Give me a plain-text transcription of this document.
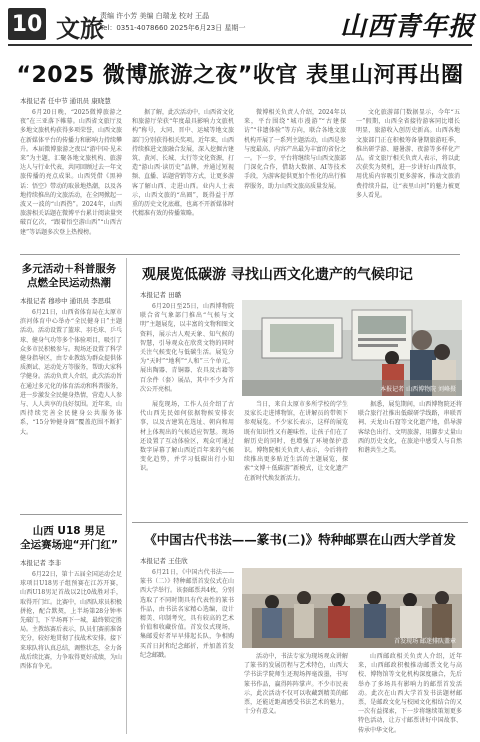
10 文旅
责编 许小芳 美编 白瑞龙 校对 王晶
Tel：0351-4078660 2025年6月23日 星期一	山西青年报
“2025 微博旅游之夜”收官 表里山河再出圈
本报记者 任中节 通讯员 康晓慧

6月20日晚，“2025微博旅游之夜”在三亚落下帷幕。山西省文旅厅及多地文旅机构获得多项荣誉，山西文旅在新媒体平台的传播力和影响力持续攀升。本届微博旅游之夜以“游中国·见未来”为主题，汇聚各地文旅机构、旅游达人与行业代表，共同回顾过去一年文旅传播的亮点成果。山西凭借《黑神话：悟空》带动的取景地热潮，以及各地持续推出的文旅活动，在全网掀起一波又一波的“山西热”。2024年，山西旅游相关话题在微博平台累计阅读量突破百亿次，“跟着悟空游山西”“山西古建”等话题多次登上热搜榜。

据了解，此次活动中，山西省文化和旅游厅荣获“年度最具影响力文旅机构”称号，大同、晋中、运城等地文旅部门分别获得相关奖项。近年来，山西持续推进文旅融合发展，深入挖掘古建筑、黄河、长城、太行等文化资源，打造“游山西·读历史”品牌，并通过短视频、直播、话题营销等方式，让更多游客了解山西、走进山西。业内人士表示，山西文旅的“出圈”，既得益于厚重的历史文化底蕴，也离不开新媒体时代精准有效的传播策略。

微博相关负责人介绍，2024年以来，平台围绕“城市漫游”“古建探访”“非遗体验”等方向，联合各地文旅机构开展了一系列主题活动，山西是参与度最高、内容产出最为丰富的省份之一。下一步，平台将继续与山西文旅部门深化合作，借助大数据、AI等技术手段，为游客提供更加个性化的出行推荐服务，助力山西文旅高质量发展。

文化旅游部门数据显示，今年“五一”假期，山西全省接待游客同比增长明显，旅游收入创历史新高。山西各地文旅部门正在积极筹备暑期旅游旺季，推出研学游、避暑游、夜游等多样化产品。省文旅厅相关负责人表示，将以此次获奖为契机，进一步讲好山西故事，用优质内容吸引更多游客，推动文旅消费持续升温，让“表里山河”的魅力被更多人看见。

多元活动＋科普服务
点燃全民运动热潮
本报记者 穆珍中 通讯员 李思琪

6月21日，山西省体育局在太原市滨河体育中心举办“全民健身日”主题活动。活动设置了篮球、羽毛球、乒乓球、健身气功等多个体验项目，吸引了众多市民积极参与。现场还设置了科学健身指导区，由专业教练为群众提供体质测试、运动处方等服务，帮助大家科学健身。活动负责人介绍，此次活动旨在通过多元化的体育活动和科普服务，进一步激发全民健身热情，营造人人参与、人人共享的良好氛围。近年来，山西持续完善全民健身公共服务体系，“15分钟健身圈”覆盖范围不断扩大。

山西 U18 男足
全运赛场迎“开门红”
本报记者 李非

6月22日，第十五届全国运动会足球项目U18男子组预赛在江苏开赛，山西U18男足首战以2比0战胜对手，取得开门红。比赛中，山西队球员积极拼抢，配合默契，上半场第28分钟率先破门，下半场再下一城，最终锁定胜局。主教练赛后表示，队员们赛前准备充分，较好地贯彻了技战术安排。接下来球队将认真总结，调整状态，全力备战后续比赛，力争取得更好成绩，为山西体育争光。

观展览低碳游 寻找山西文化遗产的气候印记
本报记者 田璐

6月20日至25日，山西博物院联合省气象部门推出“气候与文明”主题展览，以丰富的文物和图文资料，展示古人观天象、知气候的智慧，引导观众在欣赏文物的同时关注气候变化与低碳生活。展览分为“天时”“地利”“人和”三个单元，展出陶器、青铜器、农具及古籍等百余件（套）展品，其中不少为首次公开亮相。	本报记者 山西博物院 刘峰摄

展览现场，工作人员介绍了古代山西先民如何依据物候安排农事，以及古建筑在选址、朝向和用材上体现出的气候适应智慧。现场还设置了互动体验区，观众可通过数字屏幕了解山西近百年来的气候变化趋势，并学习低碳出行小知识。

当日，来自太原市多所学校的学生及家长走进博物馆，在讲解员的带领下参观展览。不少家长表示，这样的展览既有知识性又有趣味性，让孩子们在了解历史的同时，也增强了环境保护意识。博物院相关负责人表示，今后将持续推出更多贴近生活的主题展览，探索“文博＋低碳游”新模式，让文化遗产在新时代焕发新活力。

据悉，展览期间，山西博物院还将联合旅行社推出低碳研学线路，串联晋祠、天龙山石窟等文化遗产地，倡导游客绿色出行、文明旅游，用脚步丈量山西的历史文化，在旅途中感受人与自然和谐共生之美。

《中国古代书法——篆书(二)》特种邮票在山西大学首发
本报记者 王佳欣

6月21日，《中国古代书法——篆书（二）》特种邮票首发仪式在山西大学举行。该套邮票共4枚，分别选取了不同时期具有代表性的篆书作品，由书法名家精心选编，设计精美、印制考究，具有较高的艺术价值和收藏价值。首发仪式现场，集邮爱好者早早排起长队，争相购买首日封和纪念邮折，并加盖首发纪念邮戳。

首发现场 邮迷排队盖章

活动中，书法专家为现场观众讲解了篆书的发展历程与艺术特色，山西大学书法学院师生还现场挥毫泼墨，书写篆书作品，赢得阵阵掌声。不少市民表示，此次活动不仅可以收藏到精美的邮票，还能近距离感受书法艺术的魅力，十分有意义。

山西邮政相关负责人介绍，近年来，山西邮政积极推动邮票文化与高校、博物馆等文化机构深度融合，先后举办了多场具有影响力的邮票首发活动。此次在山西大学首发书法题材邮票，是邮政文化与校园文化相结合的又一次有益探索，下一步将继续策划更多特色活动，让方寸邮票讲好中国故事、传承中华文化。
